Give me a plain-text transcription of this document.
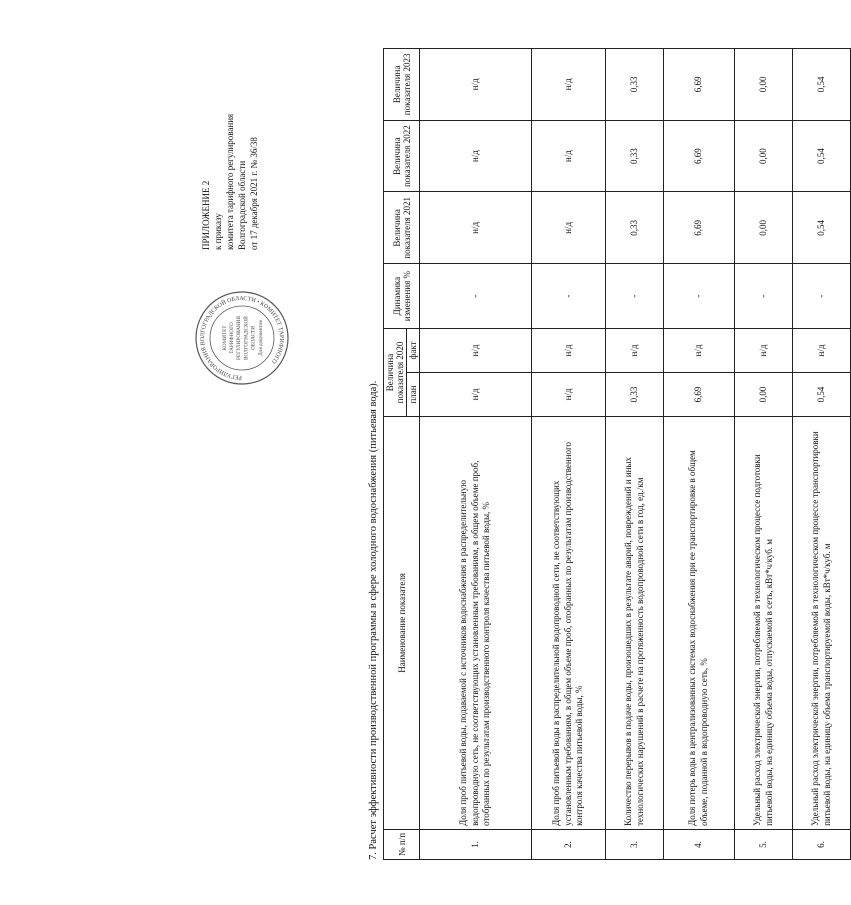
РЕГУЛИРОВАНИЯ ВОЛГОГРАДСКОЙ ОБЛАСТИ • КОМИТЕТ ТАРИФНОГО
КОМИТЕТ ТАРИФНОГО РЕГУЛИРОВАНИЯ ВОЛГОГРАДСКОЙ ОБЛАСТИ Для документов
ПРИЛОЖЕНИЕ 2 к приказу комитета тарифного регулирования Волгоградской области от 17 декабря 2021 г. № 36/38
7. Расчет эффективности производственной программы в сфере холодного водоснабжения (питьевая вода). № п/п	Наименование показателя	Величина показателя 2020		Динамика изменения %	Величина показателя 2021	Величина показателя 2022	Величина показателя 2023
		план	факт				
1.	Доля проб питьевой воды, подаваемой с источников водоснабжения в распределительную водопроводную сеть, не соответствующих установленным требованиям, в общем объеме проб, отобранных по результатам производственного контроля качества питьевой воды, %	н/д	н/д	-	н/д	н/д	н/д
2.	Доля проб питьевой воды в распределительной водопроводной сети, не соответствующих установленным требованиям, в общем объеме проб, отобранных по результатам производственного контроля качества питьевой воды, %	н/д	н/д	-	н/д	н/д	н/д
3.	Количество перерывов в подаче воды, произошедших в результате аварий, повреждений и иных технологических нарушений в расчете на протяженность водопроводной сети в год, ед./км	0,33	н/д	-	0,33	0,33	0,33
4.	Доля потерь воды в централизованных системах водоснабжения при ее транспортировке в общем объеме, поданной в водопроводную сеть, %	6,69	н/д	-	6,69	6,69	6,69
5.	Удельный расход электрической энергии, потребляемой в технологическом процессе подготовки питьевой воды, на единицу объема воды, отпускаемой в сеть, кВт*ч/куб. м	0,00	н/д	-	0,00	0,00	0,00
6.	Удельный расход электрической энергии, потребляемой в технологическом процессе транспортировки питьевой воды, на единицу объема транспортируемой воды, кВт*ч/куб. м	0,54	н/д	-	0,54	0,54	0,54
